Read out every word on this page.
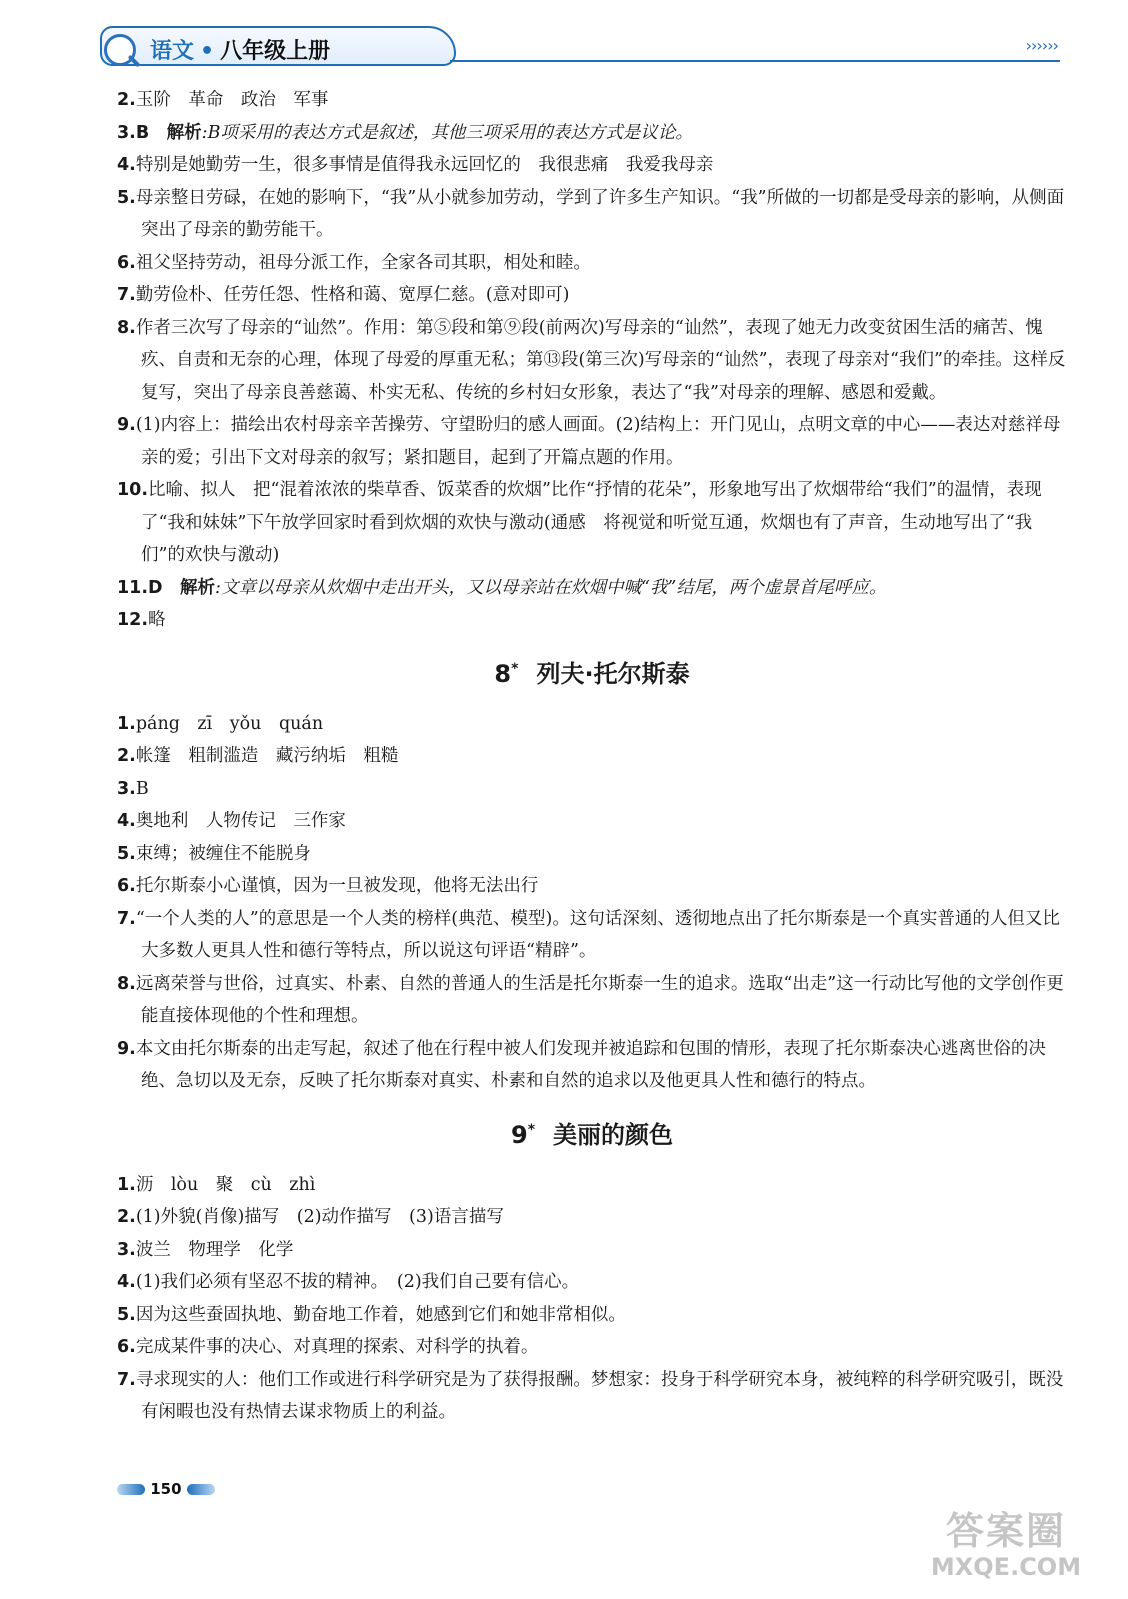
语文 • 八年级上册	››››››
2.玉阶　革命　政治　军事
3.B　 解析:B项采用的表达方式是叙述，其他三项采用的表达方式是议论。
4.特别是她勤劳一生，很多事情是值得我永远回忆的　我很悲痛　我爱我母亲
5.母亲整日劳碌，在她的影响下，“我”从小就参加劳动，学到了许多生产知识。“我”所做的一切都是受母亲的影响，从侧面突出了母亲的勤劳能干。
6.祖父坚持劳动，祖母分派工作，全家各司其职，相处和睦。
7.勤劳俭朴、任劳任怨、性格和蔼、宽厚仁慈。(意对即可)
8.作者三次写了母亲的“讪然”。作用：第⑤段和第⑨段(前两次)写母亲的“讪然”，表现了她无力改变贫困生活的痛苦、愧疚、自责和无奈的心理，体现了母爱的厚重无私；第⑬段(第三次)写母亲的“讪然”，表现了母亲对“我们”的牵挂。这样反复写，突出了母亲良善慈蔼、朴实无私、传统的乡村妇女形象，表达了“我”对母亲的理解、感恩和爱戴。
9.(1)内容上：描绘出农村母亲辛苦操劳、守望盼归的感人画面。(2)结构上：开门见山，点明文章的中心——表达对慈祥母亲的爱；引出下文对母亲的叙写；紧扣题目，起到了开篇点题的作用。
10.比喻、拟人　把“混着浓浓的柴草香、饭菜香的炊烟”比作“抒情的花朵”，形象地写出了炊烟带给“我们”的温情，表现了“我和妹妹”下午放学回家时看到炊烟的欢快与激动(通感　将视觉和听觉互通，炊烟也有了声音，生动地写出了“我们”的欢快与激动)
11.D　 解析:文章以母亲从炊烟中走出开头，又以母亲站在炊烟中喊“我”结尾，两个虚景首尾呼应。
12.略
8* 列夫·托尔斯泰
1.páng　zī　yǒu　quán
2.帐篷　粗制滥造　藏污纳垢　粗糙
3.B
4.奥地利　人物传记　三作家
5.束缚；被缠住不能脱身
6.托尔斯泰小心谨慎，因为一旦被发现，他将无法出行
7.“一个人类的人”的意思是一个人类的榜样(典范、模型)。这句话深刻、透彻地点出了托尔斯泰是一个真实普通的人但又比大多数人更具人性和德行等特点，所以说这句评语“精辟”。
8.远离荣誉与世俗，过真实、朴素、自然的普通人的生活是托尔斯泰一生的追求。选取“出走”这一行动比写他的文学创作更能直接体现他的个性和理想。
9.本文由托尔斯泰的出走写起，叙述了他在行程中被人们发现并被追踪和包围的情形，表现了托尔斯泰决心逃离世俗的决绝、急切以及无奈，反映了托尔斯泰对真实、朴素和自然的追求以及他更具人性和德行的特点。
9* 美丽的颜色
1.沥　lòu　聚　cù　zhì
2.(1)外貌(肖像)描写　(2)动作描写　(3)语言描写
3.波兰　物理学　化学
4.(1)我们必须有坚忍不拔的精神。　(2)我们自己要有信心。
5.因为这些蚕固执地、勤奋地工作着，她感到它们和她非常相似。
6.完成某件事的决心、对真理的探索、对科学的执着。
7.寻求现实的人：他们工作或进行科学研究是为了获得报酬。梦想家：投身于科学研究本身，被纯粹的科学研究吸引，既没有闲暇也没有热情去谋求物质上的利益。
150
答案圈
MXQE.COM
